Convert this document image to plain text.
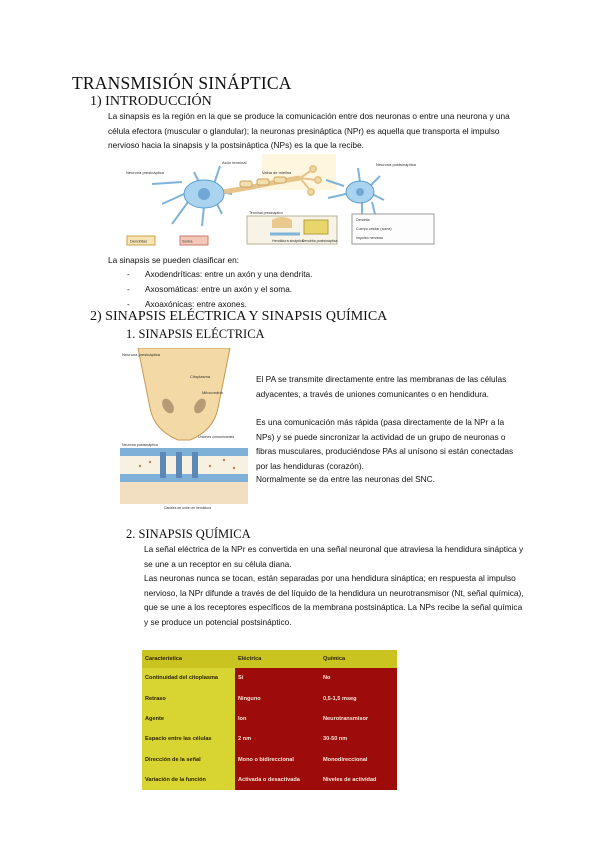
TRANSMISIÓN SINÁPTICA
1) INTRODUCCIÓN
La sinapsis es la región en la que se produce la comunicación entre dos neuronas o entre una neurona y una célula efectora (muscular o glandular); la neuronas presináptica (NPr) es aquella que transporta el impulso nervioso hacia la sinapsis y la postsináptica (NPs) es la que la recibe.
Dendritas	Soma
Neurona presináptica
Axón terminal
Vaina de mielina
Neurona postsináptica
Terminal presináptico
Hendidura sináptica
Dendrita postsináptica
Dendrita
Cuerpo celular (soma)
Impulso nervioso
La sinapsis se pueden clasificar en:
- Axodendríticas: entre un axón y una dendrita.
- Axosomáticas: entre un axón y el soma.
- Axoaxónicas: entre axones.
2) SINAPSIS ELÉCTRICA Y SINAPSIS QUÍMICA
1. SINAPSIS ELÉCTRICA
Neurona presináptica
Citoplasma
Mitocondria
Uniones comunicantes
Neurona postsináptica
Canales de unión en hendidura
El PA se transmite directamente entre las membranas de las células adyacentes, a través de uniones comunicantes o en hendidura.
Es una comunicación más rápida (pasa directamente de la NPr a la NPs) y se puede sincronizar la actividad de un grupo de neuronas o fibras musculares, produciéndose PAs al unísono si están conectadas por las hendiduras (corazón).
Normalmente se da entre las neuronas del SNC.
2. SINAPSIS QUÍMICA
La señal eléctrica de la NPr es convertida en una señal neuronal que atraviesa la hendidura sináptica y se une a un receptor en su célula diana.
Las neuronas nunca se tocan, están separadas por una hendidura sináptica; en respuesta al impulso nervioso, la NPr difunde a través de del líquido de la hendidura un neurotransmisor (Nt, señal química), que se une a los receptores específicos de la membrana postsináptica. La NPs recibe la señal química y se produce un potencial postsináptico.
Característica	Eléctrica	Química
Continuidad del citoplasma	Sí	No
Retraso	Ninguno	0,5-1,5 mseg
Agente	Ion	Neurotransmisor
Espacio entre las células	2 nm	30-50 nm
Dirección de la señal	Mono o bidireccional	Monodireccional
Variación de la función	Activada o desactivada	Niveles de actividad
